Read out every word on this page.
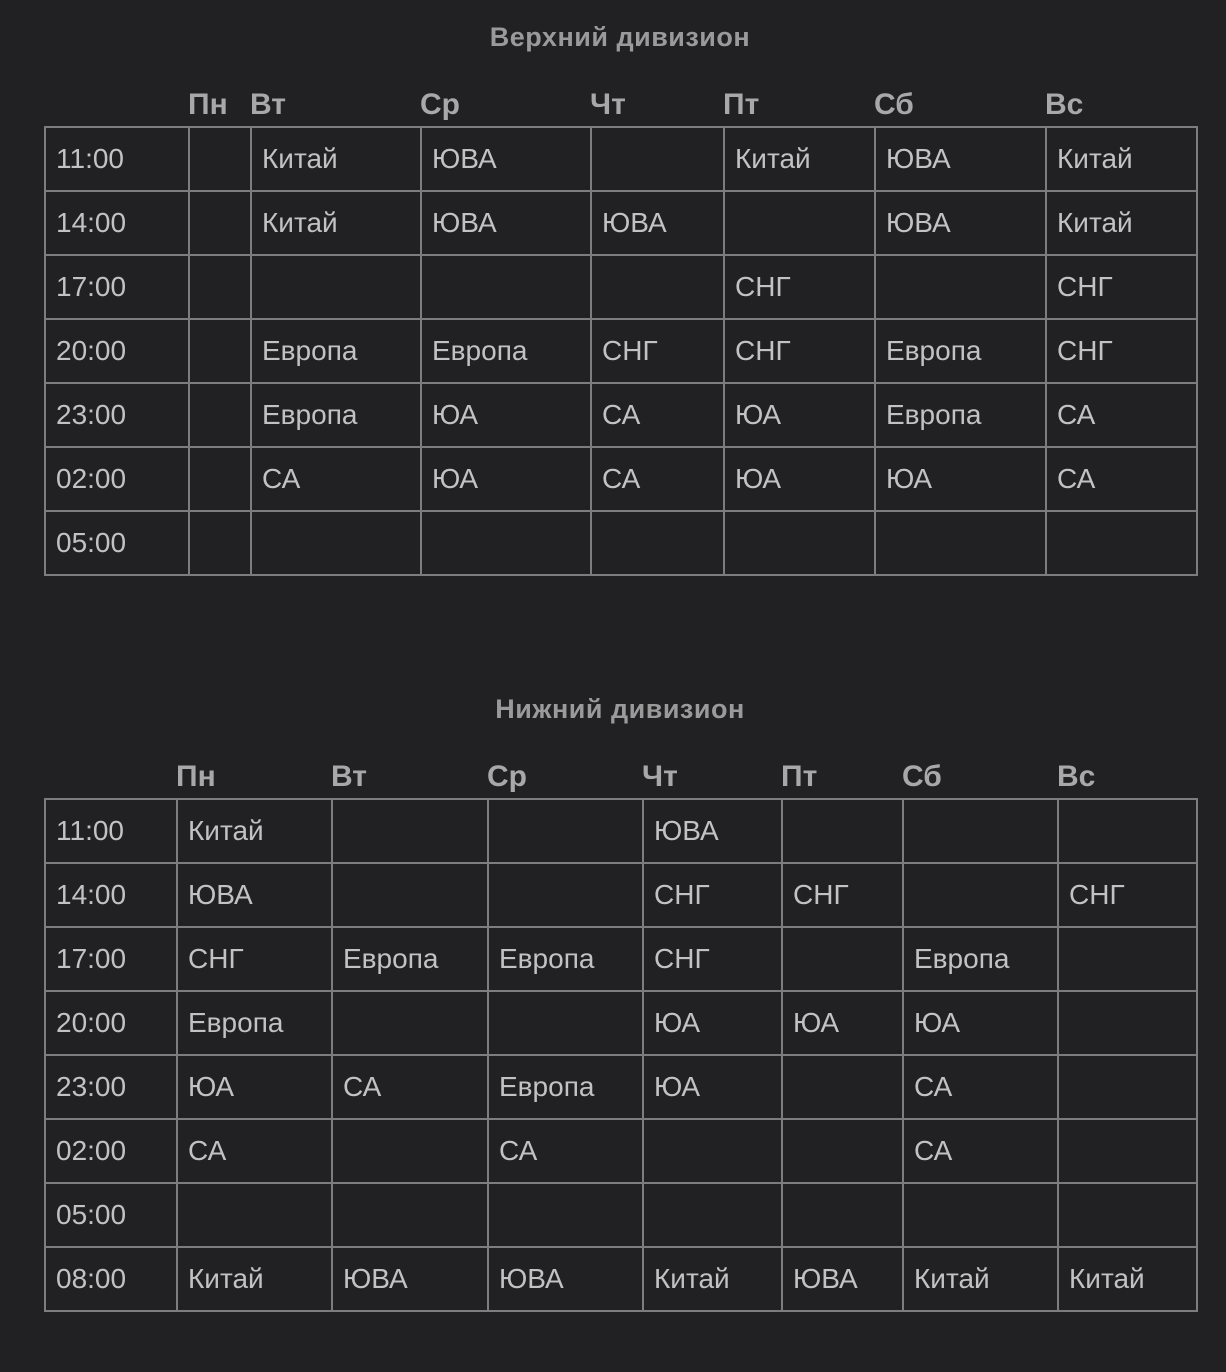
Верхний дивизион
Пн Вт	Ср	Чт	Пт	Сб	Вс
11:00		Китай	ЮВА		Китай	ЮВА	Китай
14:00		Китай	ЮВА	ЮВА		ЮВА	Китай
17:00					СНГ		СНГ
20:00		Европа	Европа	СНГ	СНГ	Европа	СНГ
23:00		Европа	ЮА	СА	ЮА	Европа	СА
02:00		СА	ЮА	СА	ЮА	ЮА	СА
05:00							
Нижний дивизион
Пн	Вт	Ср	Чт	Пт	Сб	Вс
11:00	Китай			ЮВА			
14:00	ЮВА			СНГ	СНГ		СНГ
17:00	СНГ	Европа	Европа	СНГ		Европа	
20:00	Европа			ЮА	ЮА	ЮА	
23:00	ЮА	СА	Европа	ЮА		СА	
02:00	СА		СА			СА	
05:00							
08:00	Китай	ЮВА	ЮВА	Китай	ЮВА	Китай	Китай
